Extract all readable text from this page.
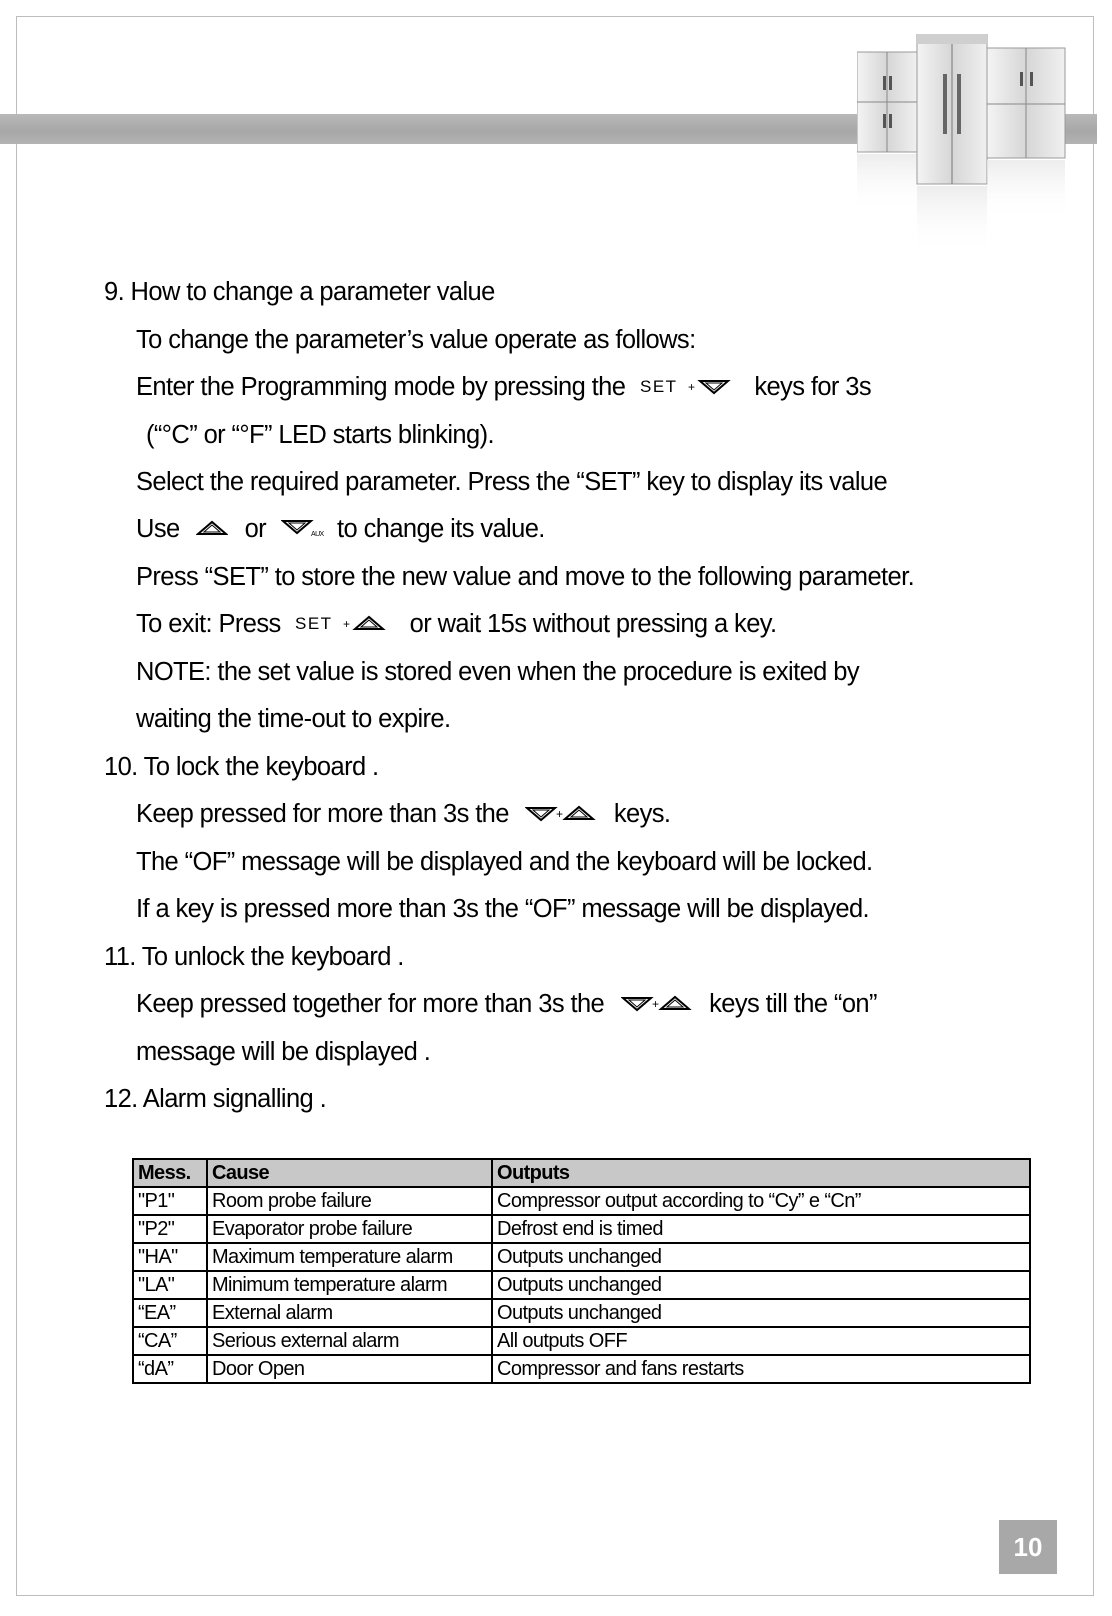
9. How to change a parameter value
To change the parameter’s value operate as follows:
Enter the Programming mode by pressing the SET + keys for 3s
(“°C” or “°F” LED starts blinking).
Select the required parameter. Press the “SET” key to display its value
Use	or	AUX to change its value.
Press “SET” to store the new value and move to the following parameter.
To exit: Press SET + or wait 15s without pressing a key.
NOTE: the set value is stored even when the procedure is exited by
waiting the time-out to expire.
10. To lock the keyboard .
Keep pressed for more than 3s the	+ keys.
The “OF” message will be displayed and the keyboard will be locked.
If a key is pressed more than 3s the “OF” message will be displayed.
11. To unlock the keyboard .
Keep pressed together for more than 3s the	+ keys till the “on”
message will be displayed .
12. Alarm signalling .
Mess.	Cause	Outputs
"P1"	Room probe failure	Compressor output according to “Cy” e “Cn”
"P2"	Evaporator probe failure	Defrost end is timed
"HA"	Maximum temperature alarm	Outputs unchanged
"LA"	Minimum temperature alarm	Outputs unchanged
“EA”	External alarm	Outputs unchanged
“CA”	Serious external alarm	All outputs OFF
“dA”	Door Open	Compressor and fans restarts
10
